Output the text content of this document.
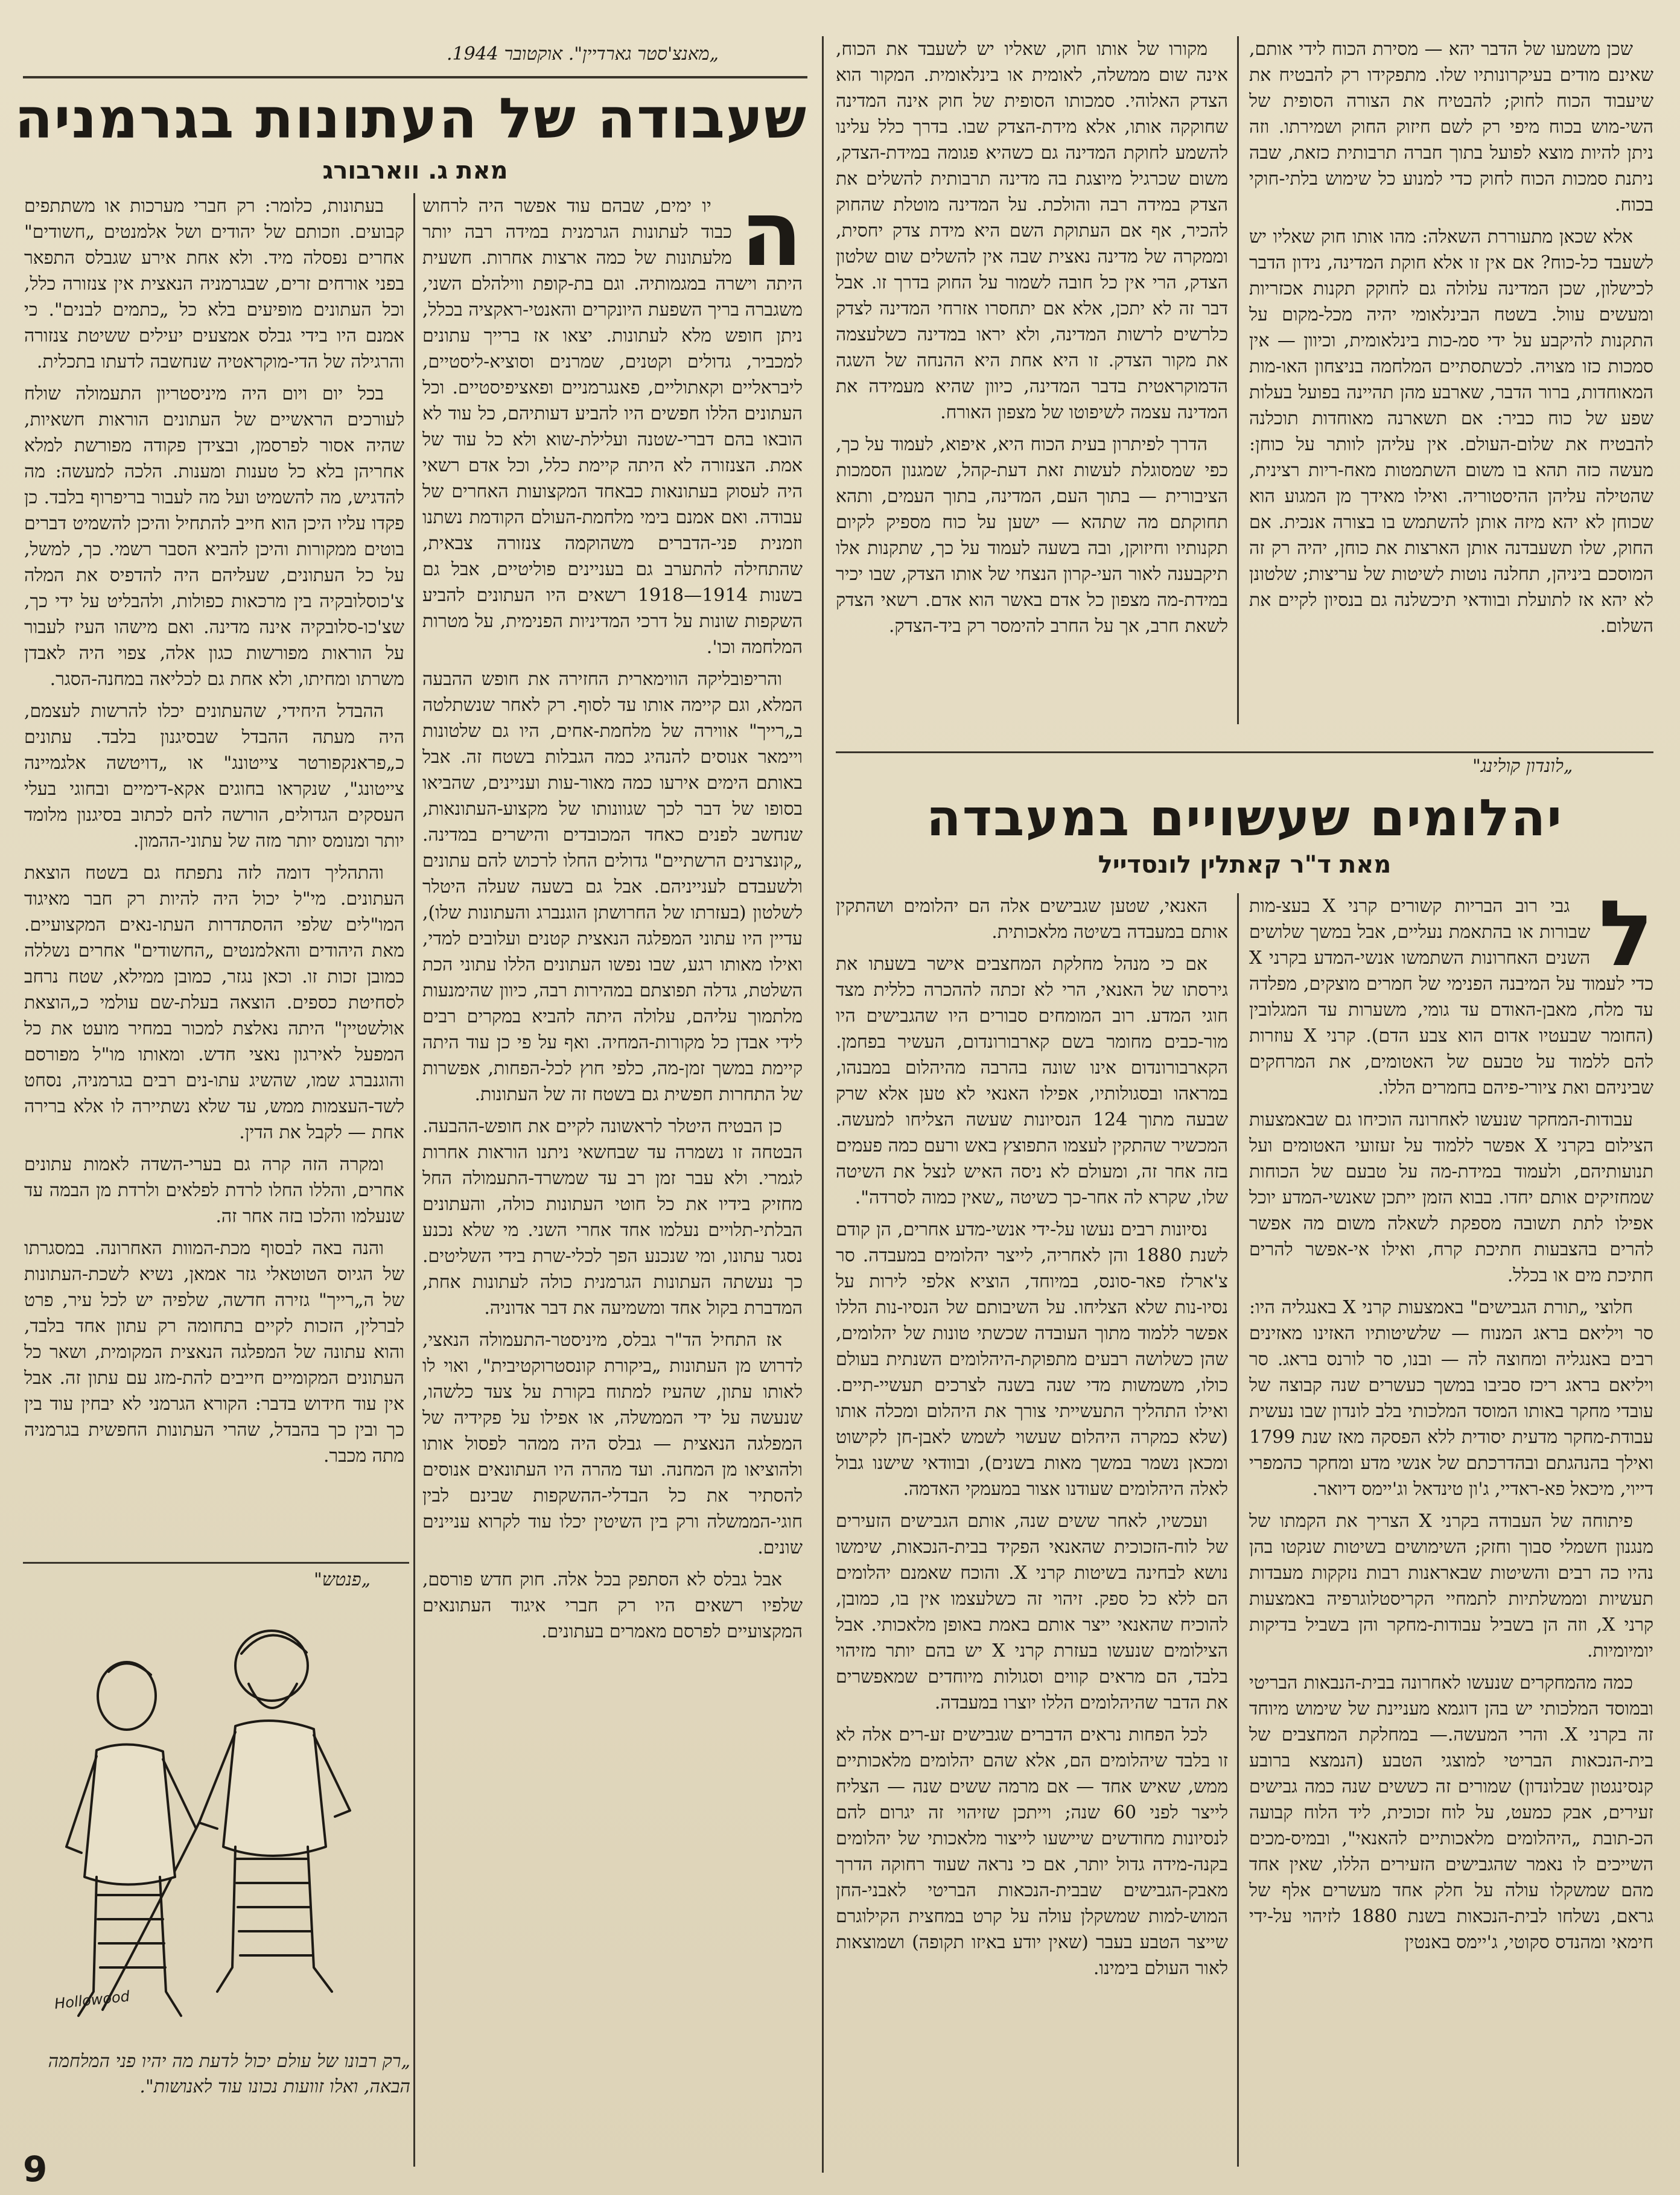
„מאנצ'סטר גארדיין". אוקטובר 1944.
שעבודה של העתונות בגרמניה
מאת ג. ווארבורג
ה

יו ימים, שבהם עוד אפשר היה לרחוש כבוד לעתונות הגרמנית במידה רבה יותר מלעתונות של כמה ארצות אחרות. חשעית היתה וישרה במגמותיה. וגם בת-קופת ווילהלם השני, משגברה בריך השפעת היונקרים והאנטי-ראקציה בכלל, ניתן חופש מלא לעתונות. יצאו אז ברייך עתונים למכביר, גדולים וקטנים, שמרנים וסוציא-ליסטיים, ליבראליים וקאתוליים, פאנגרמניים ופאציפיסטיים. וכל העתונים הללו חפשים היו להביע דעותיהם, כל עוד לא הובאו בהם דברי-שטנה ועלילת-שוא ולא כל עוד של אמת. הצנזורה לא היתה קיימת כלל, וכל אדם רשאי היה לעסוק בעתונאות כבאחד המקצועות האחרים של עבודה. ואם אמנם בימי מלחמת-העולם הקודמת נשתנו וזמנית פני-הדברים משהוקמה צנזורה צבאית, שהתחילה להתערב גם בעניינים פוליטיים, אבל גם בשנות 1914—1918 רשאים היו העתונים להביע השקפות שונות על דרכי המדיניות הפנימית, על מטרות המלחמה וכו'.

והריפובליקה הווימארית החזירה את חופש ההבעה המלא, וגם קיימה אותו עד לסוף. רק לאחר שנשתלטה ב„רייך" אווירה של מלחמת-אחים, היו גם שלטונות ויימאר אנוסים להנהיג כמה הגבלות בשטח זה. אבל באותם הימים אירעו כמה מאור-עות ועניינים, שהביאו בסופו של דבר לכך שגוונותו של מקצוע-העתונאות, שנחשב לפנים כאחד המכובדים והישרים במדינה. „קונצרנים הרשתיים" גדולים החלו לרכוש להם עתונים ולשעבדם לענייניהם. אבל גם בשעה שעלה היטלר לשלטון (בעזרתו של החרושתן הוגנברג והעתונות שלו), עדיין היו עתוני המפלגה הנאצית קטנים ועלובים למדי, ואילו מאותו רגע, שבו נפשו העתונים הללו עתוני הכת השלטת, גדלה תפוצתם במהירות רבה, כיוון שהימנעות מלתמוך עליהם, עלולה היתה להביא במקרים רבים לידי אבדן כל מקורות-המחיה. ואף על פי כן עוד היתה קיימת במשך זמן-מה, כלפי חוץ לכל-הפחות, אפשרות של התחרות חפשית גם בשטח זה של העתונות.

כן הבטיח היטלר לראשונה לקיים את חופש-ההבעה. הבטחה זו נשמרה עד שבחשאי ניתנו הוראות אחרות לגמרי. ולא עבר זמן רב עד שמשרד-התעמולה החל מחזיק בידיו את כל חוטי העתונות כולה, והעתונים הבלתי-תלויים נעלמו אחד אחרי השני. מי שלא נכנע נסגר עתונו, ומי שנכנע הפך לכלי-שרת בידי השליטים. כך נעשתה העתונות הגרמנית כולה לעתונות אחת, המדברת בקול אחד ומשמיעה את דבר אדוניה.

אז התחיל הד"ר גבלס, מיניסטר-התעמולה הנאצי, לדרוש מן העתונות „ביקורת קונסטרוקטיבית", ואוי לו לאותו עתון, שהעיז למתוח בקורת על צעד כלשהו, שנעשה על ידי הממשלה, או אפילו על פקידיה של המפלגה הנאצית — גבלס היה ממהר לפסול אותו ולהוציאו מן המחנה. ועד מהרה היו העתונאים אנוסים להסתיר את כל הבדלי-ההשקפות שבינם לבין חוגי-הממשלה ורק בין השיטין יכלו עוד לקרוא עניינים שונים.

אבל גבלס לא הסתפק בכל אלה. חוק חדש פורסם, שלפיו רשאים היו רק חברי איגוד העתונאים המקצועיים לפרסם מאמרים בעתונים.

בעתונות, כלומר: רק חברי מערכות או משתתפים קבועים. וזכותם של יהודים ושל אלמנטים „חשודים" אחרים נפסלה מיד. ולא אחת אירע שגבלס התפאר בפני אורחים זרים, שבגרמניה הנאצית אין צנזורה כלל, וכל העתונים מופיעים בלא כל „כתמים לבנים". כי אמנם היו בידי גבלס אמצעים יעילים ששיטת צנזורה והרגילה של הדי-מוקראטיה שנחשבה לדעתו בתכלית.

בכל יום ויום היה מיניסטריון התעמולה שולח לעורכים הראשיים של העתונים הוראות חשאיות, שהיה אסור לפרסמן, ובצידן פקודה מפורשת למלא אחריהן בלא כל טענות ומענות. הלכה למעשה: מה להדגיש, מה להשמיט ועל מה לעבור בריפרוף בלבד. כן פקדו עליו היכן הוא חייב להתחיל והיכן להשמיט דברים בוטים ממקורות והיכן להביא הסבר רשמי. כך, למשל, על כל העתונים, שעליהם היה להדפיס את המלה צ'כוסלובקיה בין מרכאות כפולות, ולהבליט על ידי כך, שצ'כו-סלובקיה אינה מדינה. ואם מישהו העיז לעבור על הוראות מפורשות כגון אלה, צפוי היה לאבדן משרתו ומחיתו, ולא אחת גם לכליאה במחנה-הסגר.

ההבדל היחידי, שהעתונים יכלו להרשות לעצמם, היה מעתה ההבדל שבסיגנון בלבד. עתונים כ„פראנקפורטר צייטונג" או „דויטשה אלגמיינה צייטונג", שנקראו בחוגים אקא-דימיים ובחוגי בעלי העסקים הגדולים, הורשה להם לכתוב בסיגנון מלומד יותר ומנומס יותר מזה של עתוני-ההמון.

והתהליך דומה לזה נתפתח גם בשטח הוצאת העתונים. מי"ל יכול היה להיות רק חבר מאיגוד המו"לים שלפי ההסתדרות העתו-נאים המקצועיים. מאת היהודים והאלמנטים „החשודים" אחרים נשללה כמובן זכות זו. וכאן נגזר, כמובן ממילא, שטח נרחב לסחיטת כספים. הוצאה בעלת-שם עולמי כ„הוצאת אולשטיין" היתה נאלצת למכור במחיר מועט את כל המפעל לאירגון נאצי חדש. ומאותו מו"ל מפורסם והוגנברג שמו, שהשיג עתו-נים רבים בגרמניה, נסחט לשד-העצמות ממש, עד שלא נשתיירה לו אלא ברירה אחת — לקבל את הדין.

ומקרה הזה קרה גם בערי-השדה לאמות עתונים אחרים, והללו החלו לרדת לפלאים ולרדת מן הבמה עד שנעלמו והלכו בזה אחר זה.

והנה באה לבסוף מכת-המוות האחרונה. במסגרתו של הגיוס הטוטאלי גזר אמאן, נשיא לשכת-העתונות של ה„רייך" גזירה חדשה, שלפיה יש לכל עיר, פרט לברלין, הזכות לקיים בתחומה רק עתון אחד בלבד, והוא עתונה של המפלגה הנאצית המקומית, ושאר כל העתונים המקומיים חייבים להת-מזג עם עתון זה. אבל אין עוד חידוש בדבר: הקורא הגרמני לא יבחין עוד בין כך ובין כך בהבדל, שהרי העתונות החפשית בגרמניה מתה מכבר.

„פנטש"
Hollowood
„רק רבונו של עולם יכול לדעת מה יהיו פני המלחמה הבאה, ואלו זוועות נכונו עוד לאנושות".

שכן משמעו של הדבר יהא — מסירת הכוח לידי אותם, שאינם מודים בעיקרונותיו שלו. מתפקידו רק להבטיח את שיעבוד הכוח לחוק; להבטיח את הצורה הסופית של השי-מוש בכוח מיפי רק לשם חיזוק החוק ושמירתו. וזה ניתן להיות מוצא לפועל בתוך חברה תרבותית כזאת, שבה ניתנת סמכות הכוח לחוק כדי למנוע כל שימוש בלתי-חוקי בכוח.

אלא שכאן מתעוררת השאלה: מהו אותו חוק שאליו יש לשעבד כל-כוח? אם אין זו אלא חוקת המדינה, נידון הדבר לכישלון, שכן המדינה עלולה גם לחוקק תקנות אכזריות ומעשים עוול. בשטח הבינלאומי יהיה מכל-מקום על התקנות להיקבע על ידי סמ-כות בינלאומית, וכיוון — אין סמכות כזו מצויה. לכשתסתיים המלחמה בניצחון האו-מות המאוחדות, ברור הדבר, שארבע מהן תהיינה בפועל בעלות שפע של כוח כביר: אם תשארנה מאוחדות תוכלנה להבטיח את שלום-העולם. אין עליהן לוותר על כוחן: מעשה כזה תהא בו משום השתמטות מאח-ריות רצינית, שהטילה עליהן ההיסטוריה. ואילו מאידך מן המגוע הוא שכוחן לא יהא מיזה אותן להשתמש בו בצורה אנכית. אם החוק, שלו תשעבדנה אותן הארצות את כוחן, יהיה רק זה המוסכם ביניהן, תחלנה נוטות לשיטות של עריצות; שלטונן לא יהא אז לתועלת ובוודאי תיכשלנה גם בנסיון לקיים את השלום.

מקורו של אותו חוק, שאליו יש לשעבד את הכוח, אינה שום ממשלה, לאומית או בינלאומית. המקור הוא הצדק האלוהי. סמכותו הסופית של חוק אינה המדינה שחוקקה אותו, אלא מידת-הצדק שבו. בדרך כלל עלינו להשמע לחוקת המדינה גם כשהיא פגומה במידת-הצדק, משום שכרגיל מיוצגת בה מדינה תרבותית להשלים את הצדק במידה רבה והולכת. על המדינה מוטלת שהחוק להכיר, אף אם העתוקת השם היא מידת צדק יחסית, וממקרה של מדינה נאצית שבה אין להשלים שום שלטון הצדק, הרי אין כל חובה לשמור על החוק בדרך זו. אבל דבר זה לא יתכן, אלא אם יתחסרו אזרחי המדינה לצדק כלרשים לרשות המדינה, ולא יראו במדינה כשלעצמה את מקור הצדק. זו היא אחת היא ההנחה של השגה הדמוקראטית בדבר המדינה, כיוון שהיא מעמידה את המדינה עצמה לשיפוטו של מצפון האורח.

הדרך לפיתרון בעית הכוח היא, איפוא, לעמוד על כך, כפי שמסוגלת לעשות זאת דעת-קהל, שמגנון הסמכות הציבורית — בתוך העם, המדינה, בתוך העמים, ותהא תחוקתם מה שתהא — ישען על כוח מספיק לקיום תקנותיו וחיזוקן, ובה בשעה לעמוד על כך, שתקנות אלו תיקבענה לאור העי-קרון הנצחי של אותו הצדק, שבו יכיר במידת-מה מצפון כל אדם באשר הוא אדם. רשאי הצדק לשאת חרב, אך על החרב להימסר רק ביד-הצדק.

„לונדון קולינג"
יהלומים שעשויים במעבדה
מאת ד"ר קאתלין לונסדייל
ל

גבי רוב הבריות קשורים קרני X בעצ-מות שבורות או בהתאמת נעליים, אבל במשך שלושים השנים האחרונות השתמשו אנשי-המדע בקרני X כדי לעמוד על המיבנה הפנימי של חמרים מוצקים, מפלדה עד מלח, מאבן-האודם עד גומי, משערות עד המגלובין (החומר שבעטיו אדום הוא צבע הדם). קרני X עוזרות להם ללמוד על טבעם של האטומים, את המרחקים שביניהם ואת ציורי-פיהם בחמרים הללו.

עבודות-המחקר שנעשו לאחרונה הוכיחו גם שבאמצעות הצילום בקרני X אפשר ללמוד על זעזועי האטומים ועל תנועותיהם, ולעמוד במידת-מה על טבעם של הכוחות שמחזיקים אותם יחדו. בבוא הזמן ייתכן שאנשי-המדע יוכל אפילו לתת תשובה מספקת לשאלה משום מה אפשר להרים בהצבעות חתיכת קרח, ואילו אי-אפשר להרים חתיכת מים או בכלל.

חלוצי „תורת הגבישים" באמצעות קרני X באנגליה היו: סר ויליאם בראג המנוח — שלשיטותיו האזינו מאזינים רבים באנגליה ומחוצה לה — ובנו, סר לורנס בראג. סר ויליאם בראג ריכז סביבו במשך כעשרים שנה קבוצה של עובדי מחקר באותו המוסד המלכותי בלב לונדון שבו נעשית עבודת-מחקר מדעית יסודית ללא הפסקה מאז שנת 1799 ואילך בהנהגתם ובהדרכתם של אנשי מדע ומחקר כהמפרי דייוי, מיכאל פא-ראדיי, ג'ון טינדאל וג'יימס דיואר.

פיתוחה של העבודה בקרני X הצריך את הקמתו של מנגנון חשמלי סבוך וחזק; השימושים בשיטות שנקטו בהן נהיו כה רבים והשיטות שבאראנות רבות נזקקות מעבדות תעשיות וממשלתיות לתמחיי הקריסטלוגרפיה באמצעות קרני X, וזה הן בשביל עבודות-מחקר והן בשביל בדיקות יומיומיות.

כמה מהמחקרים שנעשו לאחרונה בבית-הנבאות הבריטי ובמוסד המלכותי יש בהן דוגמא מעניינת של שימוש מיוחד זה בקרני X. והרי המעשה.— במחלקת המחצבים של בית-הנכאות הבריטי למוצגי הטבע (הנמצא ברובע קנסינגטון שבלונדון) שמורים זה כששים שנה כמה גבישים זעירים, אבק כמעט, על לוח זכוכית, ליד הלוח קבועה הכ-תובת „היהלומים מלאכותיים להאנאי", ובמיס-מכים השייכים לו נאמר שהגבישים הזעירים הללו, שאין אחד מהם שמשקלו עולה על חלק אחד מעשרים אלף של גראם, נשלחו לבית-הנכאות בשנת 1880 לזיהוי על-ידי חימאי ומהנדס סקוטי, ג'יימס באנטין

האנאי, שטען שגבישים אלה הם יהלומים ושהתקין אותם במעבדה בשיטה מלאכותית.

אם כי מנהל מחלקת המחצבים אישר בשעתו את גירסתו של האנאי, הרי לא זכתה לההכרה כללית מצד חוגי המדע. רוב המומחים סבורים היו שהגבישים היו מור-כבים מחומר בשם קארבורונדום, העשיר בפחמן. הקארבורונדום אינו שונה בהרבה מהיהלום במבנהו, במראהו ובסגולותיו, אפילו האנאי לא טען אלא שרק שבעה מתוך 124 הנסיונות שעשה הצליחו למעשה. המכשיר שהתקין לעצמו התפוצץ באש ורעם כמה פעמים בזה אחר זה, ומעולם לא ניסה האיש לנצל את השיטה שלו, שקרא לה אחר-כך כשיטה „שאין כמוה לסרדה".

נסיונות רבים נעשו על-ידי אנשי-מדע אחרים, הן קודם לשנת 1880 והן לאחריה, לייצר יהלומים במעבדה. סר צ'ארלז פאר-סונס, במיוחד, הוציא אלפי לירות על נסיו-נות שלא הצליחו. על השיבותם של הנסיו-נות הללו אפשר ללמוד מתוך העובדה שכשתי טונות של יהלומים, שהן כשלושה רבעים מתפוקת-היהלומים השנתית בעולם כולו, משמשות מדי שנה בשנה לצרכים תעשיי-תיים. ואילו התהליך התעשייתי צורך את היהלום ומכלה אותו (שלא כמקרה היהלום שעשוי לשמש לאבן-חן לקישוט ומכאן נשמר במשך מאות בשנים), ובוודאי שישנו גבול לאלה היהלומים שעודנו אצור במעמקי האדמה.

ועכשיו, לאחר ששים שנה, אותם הגבישים הזעירים של לוח-הזכוכית שהאנאי הפקיד בבית-הנכאות, שימשו נושא לבחינה בשיטות קרני X. והוכח שאמנם יהלומים הם ללא כל ספק. זיהוי זה כשלעצמו אין בו, כמובן, להוכיח שהאנאי ייצר אותם באמת באופן מלאכותי. אבל הצילומים שנעשו בעזרת קרני X יש בהם יותר מזיהוי בלבד, הם מראים קווים וסגולות מיוחדים שמאפשרים את הדבר שהיהלומים הללו יוצרו במעבדה.

לכל הפחות נראים הדברים שגבישים זע-רים אלה לא זו בלבד שיהלומים הם, אלא שהם יהלומים מלאכותיים ממש, שאיש אחד — אם מרמה ששים שנה — הצליח לייצר לפני 60 שנה; וייתכן שזיהוי זה יגרום להם לנסיונות מחודשים שיישעו לייצור מלאכותי של יהלומים בקנה-מידה גדול יותר, אם כי נראה שעוד רחוקה הדרך מאבק-הגבישים שבבית-הנכאות הבריטי לאבני-החן המוש-למות שמשקלן עולה על קרט במחצית הקילוגרם שייצר הטבע בעבר (שאין יודע באיזו תקופה) ושמוצאות לאור העולם בימינו.

9
